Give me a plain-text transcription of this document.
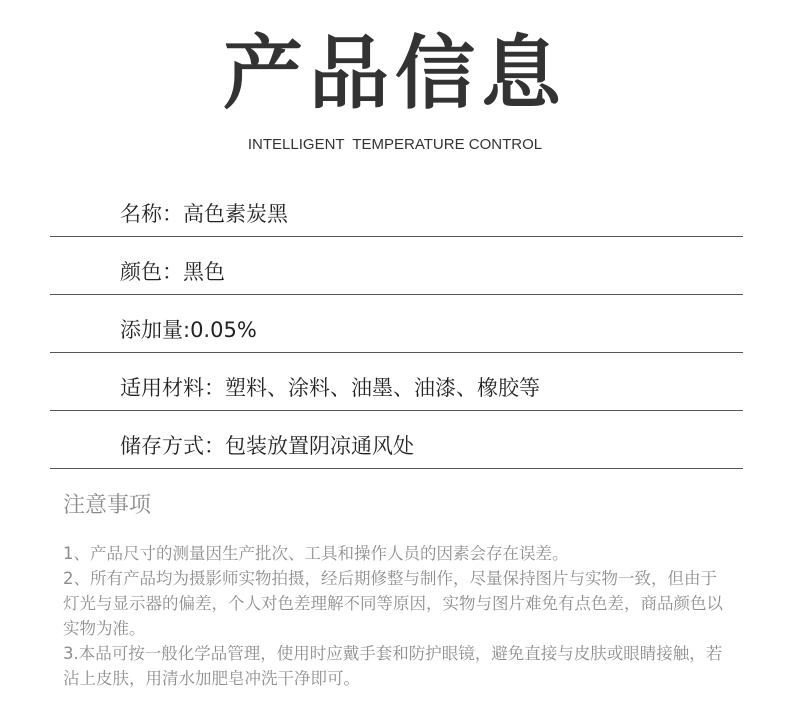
产品信息
INTELLIGENT  TEMPERATURE CONTROL
名称：高色素炭黑
颜色：黑色
添加量:0.05%
适用材料：塑料、涂料、油墨、油漆、橡胶等
储存方式：包装放置阴凉通风处
注意事项

1、产品尺寸的测量因生产批次、工具和操作人员的因素会存在误差。

2、所有产品均为摄影师实物拍摄，经后期修整与制作，尽量保持图片与实物一致，但由于灯光与显示器的偏差，个人对色差理解不同等原因，实物与图片难免有点色差，商品颜色以实物为准。

3.本品可按一般化学品管理，使用时应戴手套和防护眼镜，避免直接与皮肤或眼睛接触，若沾上皮肤，用清水加肥皂冲洗干净即可。
